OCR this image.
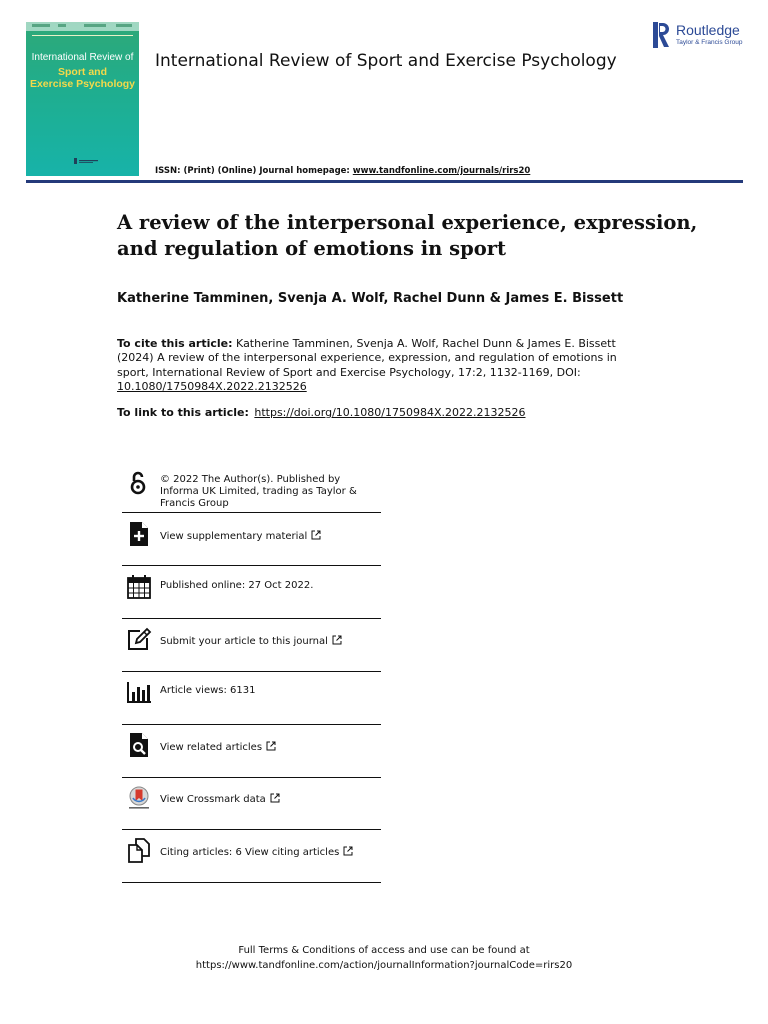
International Review of
Sport and
Exercise Psychology
International Review of Sport and Exercise Psychology
Routledge
Taylor & Francis Group
ISSN: (Print) (Online) Journal homepage: www.tandfonline.com/journals/rirs20
A review of the interpersonal experience, expression, and regulation of emotions in sport
Katherine Tamminen, Svenja A. Wolf, Rachel Dunn & James E. Bissett
To cite this article: Katherine Tamminen, Svenja A. Wolf, Rachel Dunn & James E. Bissett (2024) A review of the interpersonal experience, expression, and regulation of emotions in sport, International Review of Sport and Exercise Psychology, 17:2, 1132-1169, DOI: 10.1080/1750984X.2022.2132526
To link to this article: https://doi.org/10.1080/1750984X.2022.2132526
© 2022 The Author(s). Published by Informa UK Limited, trading as Taylor & Francis Group
View supplementary material
Published online: 27 Oct 2022.
Submit your article to this journal
Article views: 6131
View related articles
View Crossmark data
Citing articles: 6 View citing articles
Full Terms & Conditions of access and use can be found at
https://www.tandfonline.com/action/journalInformation?journalCode=rirs20
